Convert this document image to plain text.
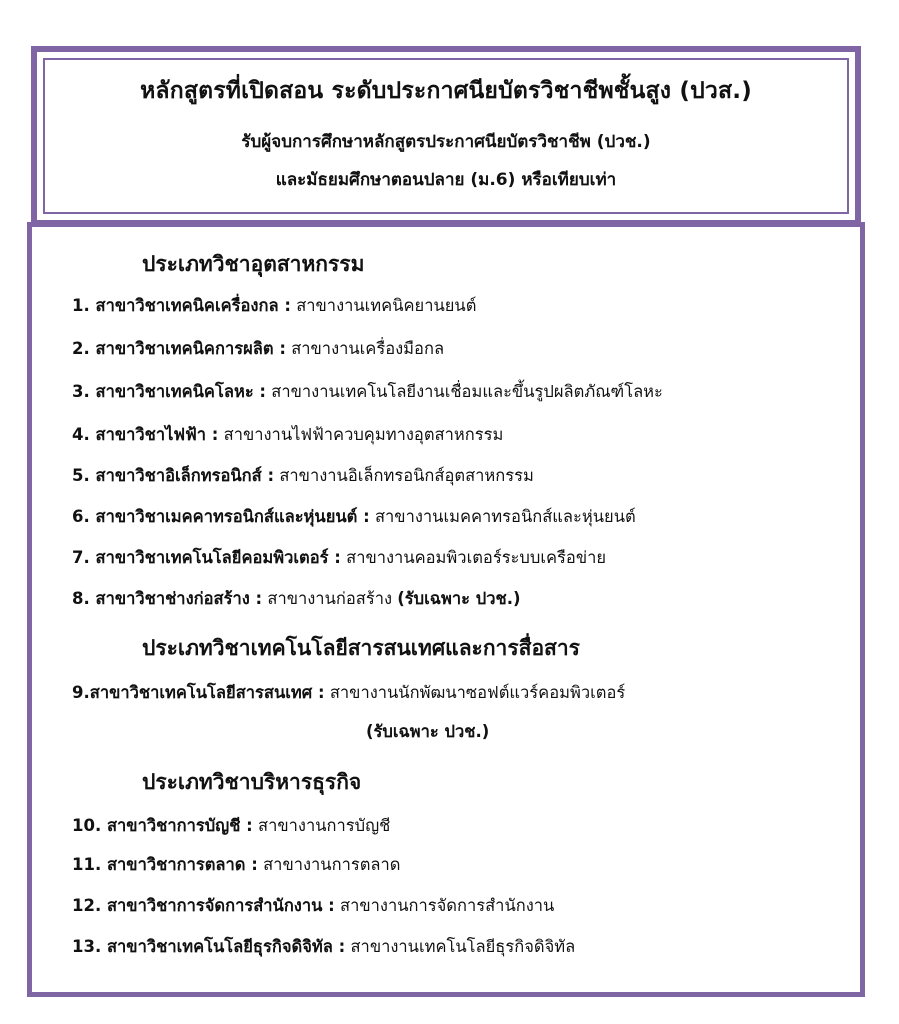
หลักสูตรที่เปิดสอน ระดับประกาศนียบัตรวิชาชีพชั้นสูง (ปวส.)
รับผู้จบการศึกษาหลักสูตรประกาศนียบัตรวิชาชีพ (ปวช.)
และมัธยมศึกษาตอนปลาย (ม.6) หรือเทียบเท่า
ประเภทวิชาอุตสาหกรรม
1. สาขาวิชาเทคนิคเครื่องกล : สาขางานเทคนิคยานยนต์
2. สาขาวิชาเทคนิคการผลิต : สาขางานเครื่องมือกล
3. สาขาวิชาเทคนิคโลหะ : สาขางานเทคโนโลยีงานเชื่อมและขึ้นรูปผลิตภัณฑ์โลหะ
4. สาขาวิชาไฟฟ้า : สาขางานไฟฟ้าควบคุมทางอุตสาหกรรม
5. สาขาวิชาอิเล็กทรอนิกส์ : สาขางานอิเล็กทรอนิกส์อุตสาหกรรม
6. สาขาวิชาเมคคาทรอนิกส์และหุ่นยนต์ : สาขางานเมคคาทรอนิกส์และหุ่นยนต์
7. สาขาวิชาเทคโนโลยีคอมพิวเตอร์ : สาขางานคอมพิวเตอร์ระบบเครือข่าย
8. สาขาวิชาช่างก่อสร้าง : สาขางานก่อสร้าง (รับเฉพาะ ปวช.)
ประเภทวิชาเทคโนโลยีสารสนเทศและการสื่อสาร
9.สาขาวิชาเทคโนโลยีสารสนเทศ : สาขางานนักพัฒนาซอฟต์แวร์คอมพิวเตอร์
(รับเฉพาะ ปวช.)
ประเภทวิชาบริหารธุรกิจ
10. สาขาวิชาการบัญชี : สาขางานการบัญชี
11. สาขาวิชาการตลาด : สาขางานการตลาด
12. สาขาวิชาการจัดการสำนักงาน : สาขางานการจัดการสำนักงาน
13. สาขาวิชาเทคโนโลยีธุรกิจดิจิทัล : สาขางานเทคโนโลยีธุรกิจดิจิทัล
